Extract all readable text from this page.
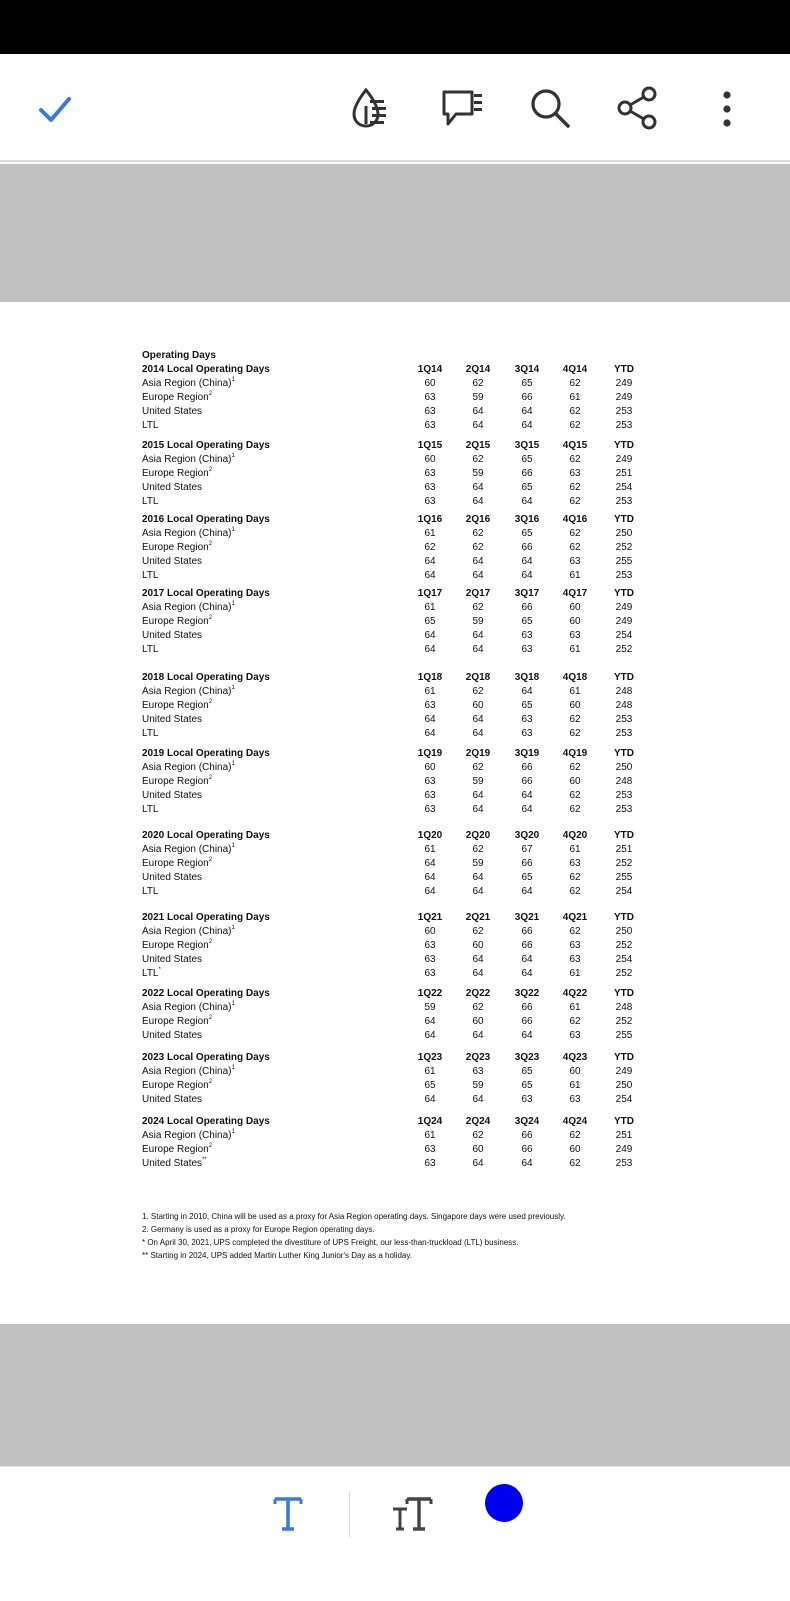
Operating Days
2014 Local Operating Days	1Q14	2Q14	3Q14	4Q14	YTD
Asia Region (China)$^1$	60	62	65	62	249
Europe Region$^2$	63	59	66	61	249
United States	63	64	64	62	253
LTL	63	64	64	62	253
2015 Local Operating Days	1Q15	2Q15	3Q15	4Q15	YTD
Asia Region (China)$^1$	60	62	65	62	249
Europe Region$^2$	63	59	66	63	251
United States	63	64	65	62	254
LTL	63	64	64	62	253
2016 Local Operating Days	1Q16	2Q16	3Q16	4Q16	YTD
Asia Region (China)$^1$	61	62	65	62	250
Europe Region$^2$	62	62	66	62	252
United States	64	64	64	63	255
LTL	64	64	64	61	253
2017 Local Operating Days	1Q17	2Q17	3Q17	4Q17	YTD
Asia Region (China)$^1$	61	62	66	60	249
Europe Region$^2$	65	59	65	60	249
United States	64	64	63	63	254
LTL	64	64	63	61	252
2018 Local Operating Days	1Q18	2Q18	3Q18	4Q18	YTD
Asia Region (China)$^1$	61	62	64	61	248
Europe Region$^2$	63	60	65	60	248
United States	64	64	63	62	253
LTL	64	64	63	62	253
2019 Local Operating Days	1Q19	2Q19	3Q19	4Q19	YTD
Asia Region (China)$^1$	60	62	66	62	250
Europe Region$^2$	63	59	66	60	248
United States	63	64	64	62	253
LTL	63	64	64	62	253
2020 Local Operating Days	1Q20	2Q20	3Q20	4Q20	YTD
Asia Region (China)$^1$	61	62	67	61	251
Europe Region$^2$	64	59	66	63	252
United States	64	64	65	62	255
LTL	64	64	64	62	254
2021 Local Operating Days	1Q21	2Q21	3Q21	4Q21	YTD
Asia Region (China)$^1$	60	62	66	62	250
Europe Region$^2$	63	60	66	63	252
United States	63	64	64	63	254
LTL*	63	64	64	61	252
2022 Local Operating Days	1Q22	2Q22	3Q22	4Q22	YTD
Asia Region (China)$^1$	59	62	66	61	248
Europe Region$^2$	64	60	66	62	252
United States	64	64	64	63	255
2023 Local Operating Days	1Q23	2Q23	3Q23	4Q23	YTD
Asia Region (China)$^1$	61	63	65	60	249
Europe Region$^2$	65	59	65	61	250
United States	64	64	63	63	254
2024 Local Operating Days	1Q24	2Q24	3Q24	4Q24	YTD
Asia Region (China)$^1$	61	62	66	62	251
Europe Region$^2$	63	60	66	60	249
United States**	63	64	64	62	253
1. Starting in 2010, China will be used as a proxy for Asia Region operating days. Singapore days were used previously.
2. Germany is used as a proxy for Europe Region operating days.
* On April 30, 2021, UPS completed the divestiture of UPS Freight, our less-than-truckload (LTL) business.
** Starting in 2024, UPS added Martin Luther King Junior's Day as a holiday.
